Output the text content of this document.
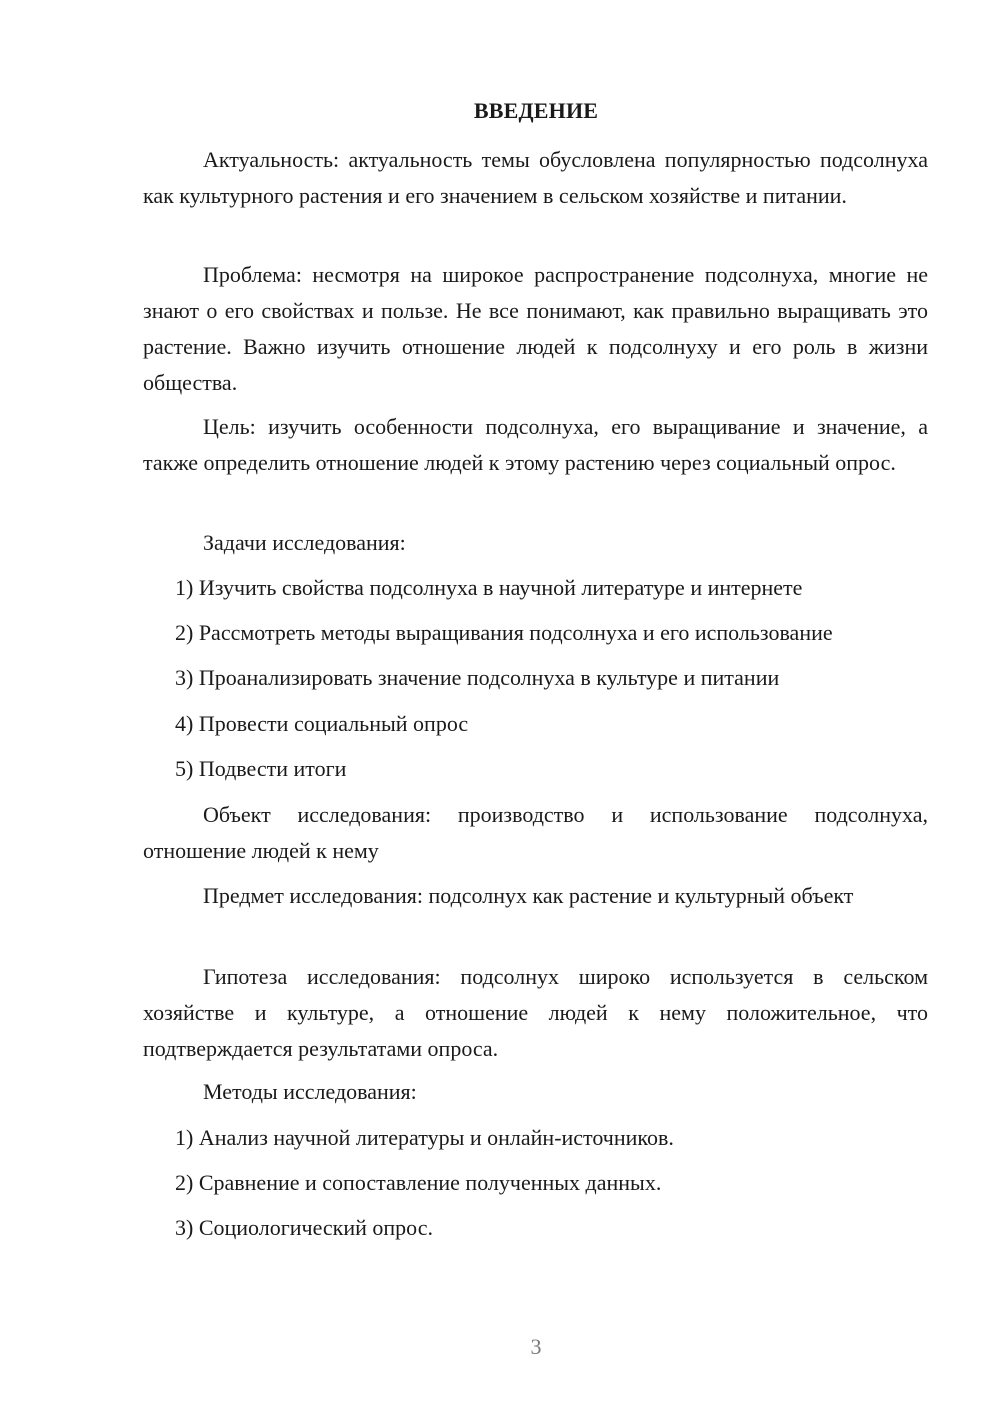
ВВЕДЕНИЕ
Актуальность: актуальность темы обусловлена популярностью подсолнуха как культурного растения и его значением в сельском хозяйстве и питании.
Проблема: несмотря на широкое распространение подсолнуха, многие не знают о его свойствах и пользе. Не все понимают, как правильно выращивать это растение. Важно изучить отношение людей к подсолнуху и его роль в жизни общества.
Цель: изучить особенности подсолнуха, его выращивание и значение, а также определить отношение людей к этому растению через социальный опрос.
Задачи исследования:
1) Изучить свойства подсолнуха в научной литературе и интернете
2) Рассмотреть методы выращивания подсолнуха и его использование
3) Проанализировать значение подсолнуха в культуре и питании
4) Провести социальный опрос
5) Подвести итоги
Объект исследования: производство и использование подсолнуха, отношение людей к нему
Предмет исследования: подсолнух как растение и культурный объект
Гипотеза исследования: подсолнух широко используется в сельском хозяйстве и культуре, а отношение людей к нему положительное, что подтверждается результатами опроса.
Методы исследования:
1) Анализ научной литературы и онлайн-источников.
2) Сравнение и сопоставление полученных данных.
3) Социологический опрос.
3
